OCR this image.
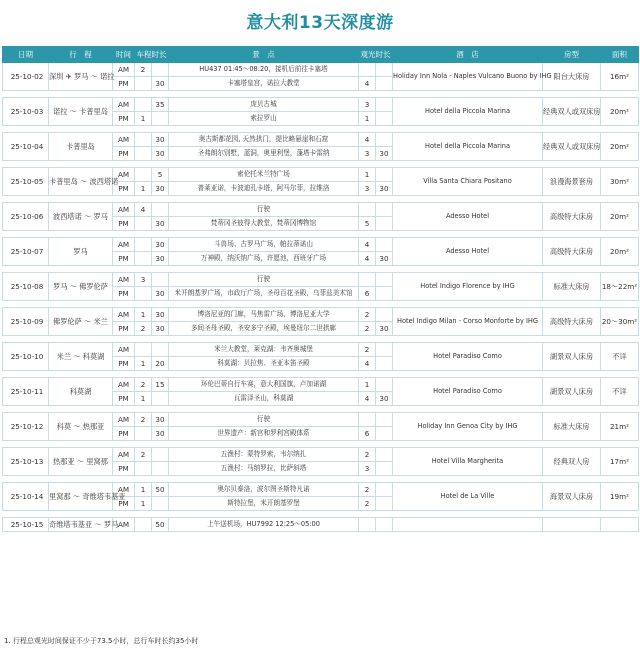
意大利13天深度游
日期	行　程	时间	车程时长		景　点	观光时长		酒　店	房型	面积
25-10-02	深圳 ✈ 罗马 ～ 诺拉	AM	2		HU437 01:45～08:20，接机后前往卡塞塔			Holiday Inn Nola - Naples Vulcano Buono by IHG	阳台大床房	16m²
		PM		30	卡塞塔皇宫，诺拉大教堂	4				

25-10-03	诺拉 ～ 卡普里岛	AM		35	庞贝古城	3		Hotel della Piccola Marina	经典双人或双床房	20m²
		PM	1		索拉罗山	1				

25-10-04	卡普里岛	AM		30	奥古斯都花园, 天然拱门，提比略悬崖和石窟	4		Hotel della Piccola Marina	经典双人或双床房	20m²
		PM		30	圣弗朗尔别墅，蓝洞，奥里利堡，蓬塔卡雷纳	3	30			

25-10-05	卡普里岛 ～ 波西塔诺	AM		5	索伦托米兰特广场	1		Villa Santa Chiara Positano	浪漫海景套房	30m²
		PM	1	30	普莱亚诺，卡波迪孔卡塔，阿马尔菲，拉维洛	3	30			

25-10-06	波西塔诺 ～ 罗马	AM	4		行驶			Adesso Hotel	高级特大床房	20m²
		PM		30	梵蒂冈圣彼得大教堂，梵蒂冈博物馆	5				

25-10-07	罗马	AM		30	斗兽场、古罗马广场，帕拉蒂诺山	4		Adesso Hotel	高级特大床房	20m²
		PM		30	万神殿，纳沃纳广场，许愿池，西班牙广场	4	30			

25-10-08	罗马 ～ 佛罗伦萨	AM	3		行驶			Hotel Indigo Florence by IHG	标准大床房	18～22m²
		PM		30	米开朗基罗广场，市政厅广场，圣母百花圣殿，乌菲兹美术馆	6				

25-10-09	佛罗伦萨 ～ 米兰	AM	1	30	博洛尼亚的门廊，马焦雷广场，博洛尼亚大学	2		Hotel Indigo Milan - Corso Monforte by IHG	高级特大床房	20～30m²
		PM	2	30	多间圣母圣殿，圣安多宁圣殿，埃曼纽尔二世拱廊	2	30			

25-10-10	米兰 ～ 科莫湖	AM			米兰大教堂，莱克湖：韦齐奥城堡	2		Hotel Paradiso Como	湖景双人床房	不详
		PM	1	20	科莫湖：贝拉焦、圣亚本笛圣殿	4				

25-10-11	科莫湖	AM	2	15	环伦巴蒂自行车赛，意大利国旗，卢加诺湖	1		Hotel Paradiso Como	湖景双人床房	不详
		PM	1		瓦雷泽圣山，科莫湖	4	30			

25-10-12	科莫 ～ 热那亚	AM	2	30	行驶			Holiday Inn Genoa City by IHG	标准大床房	21m²
		PM		30	世界遗产：新宫和罗利宫殿体系	6				

25-10-13	热那亚 ～ 里窝那	AM	2		五渔村：蒙特罗索，韦尔纳扎	2		Hotel Villa Margherita	经典双人房	17m²
		PM			五渔村：马纳罗拉，比萨斜塔	3				

25-10-14	里窝那 ～ 奇维塔韦基亚	AM	1	50	奥尔贝泰洛，波尔图圣斯特凡诺	2		Hotel de La Ville	海景双人床房	19m²
		PM	1		斯特拉堡，米开朗基罗堡	2				

25-10-15	奇维塔韦基亚 ～ 罗马	AM		50	上午送机场，HU7992 12:25～05:00					
1. 行程总观光时间保证不少于73.5小时，总行车时长约35小时
